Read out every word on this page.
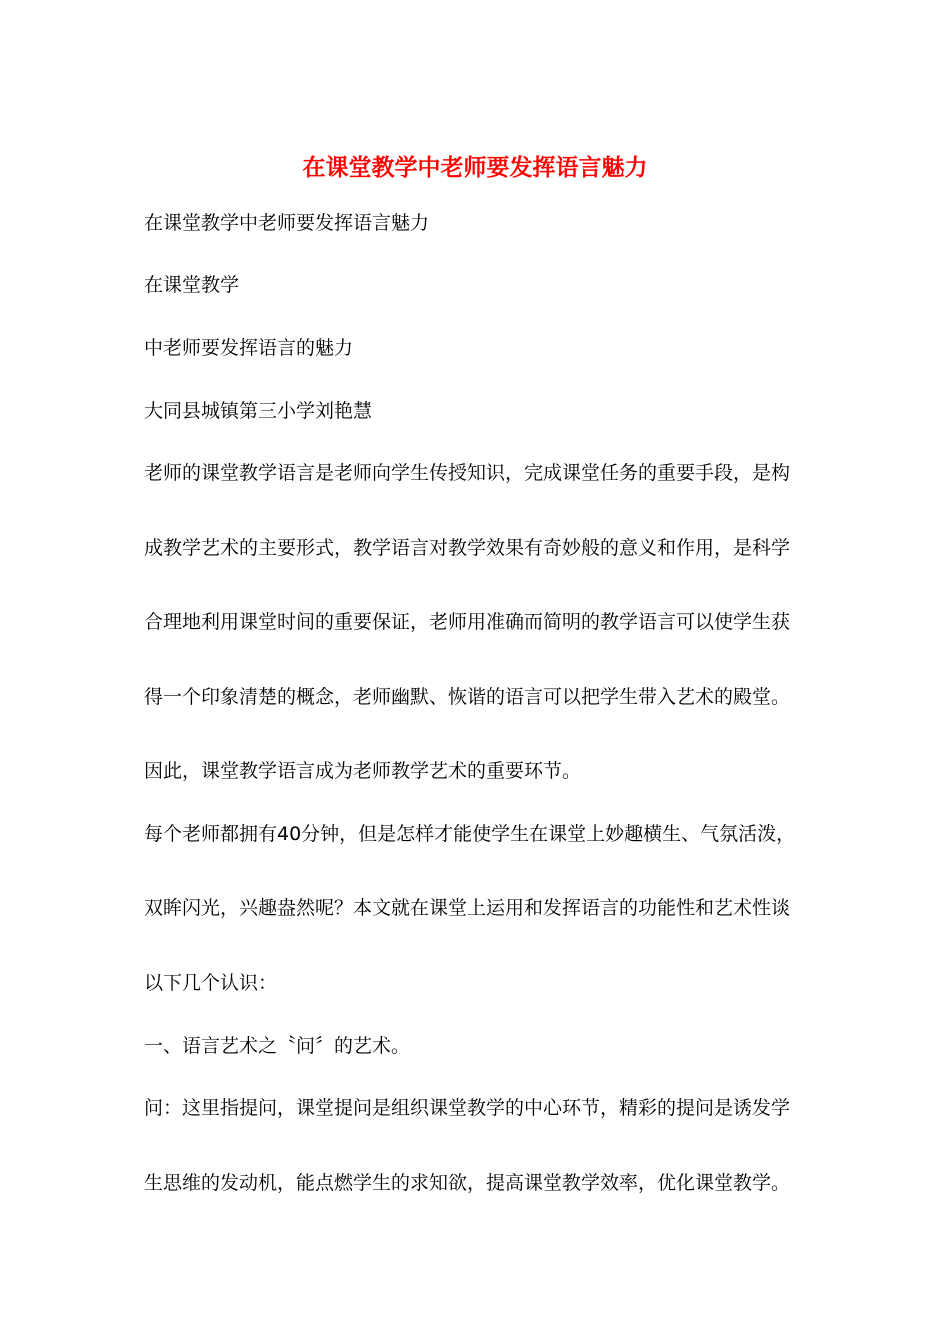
在课堂教学中老师要发挥语言魅力

在课堂教学中老师要发挥语言魅力

在课堂教学

中老师要发挥语言的魅力

大同县城镇第三小学刘艳慧

老师的课堂教学语言是老师向学生传授知识，完成课堂任务的重要手段，是构

成教学艺术的主要形式，教学语言对教学效果有奇妙般的意义和作用，是科学

合理地利用课堂时间的重要保证，老师用准确而简明的教学语言可以使学生获

得一个印象清楚的概念，老师幽默、恢谐的语言可以把学生带入艺术的殿堂。

因此，课堂教学语言成为老师教学艺术的重要环节。

每个老师都拥有40分钟，但是怎样才能使学生在课堂上妙趣横生、气氛活泼，

双眸闪光，兴趣盎然呢？本文就在课堂上运用和发挥语言的功能性和艺术性谈

以下几个认识：

一、语言艺术之〝问〞的艺术。

问：这里指提问，课堂提问是组织课堂教学的中心环节，精彩的提问是诱发学

生思维的发动机，能点燃学生的求知欲，提高课堂教学效率，优化课堂教学。
